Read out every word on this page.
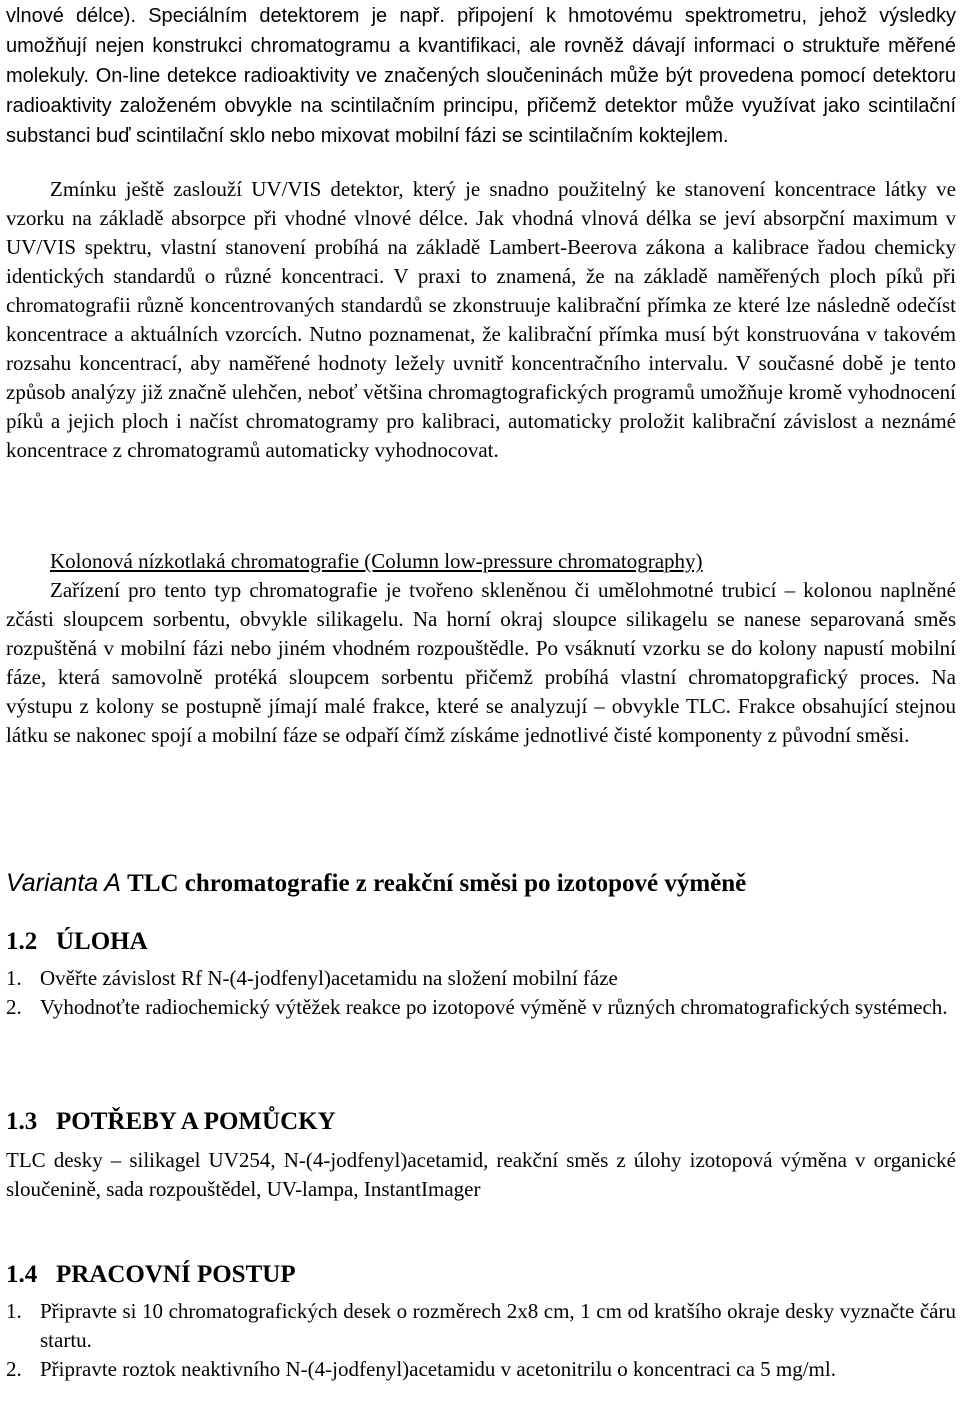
vlnové délce). Speciálním detektorem je např. připojení k hmotovému spektrometru, jehož výsledky umožňují nejen konstrukci chromatogramu a kvantifikaci, ale rovněž dávají informaci o struktuře měřené molekuly. On-line detekce radioaktivity ve značených sloučeninách může být provedena pomocí detektoru radioaktivity založeném obvykle na scintilačním principu, přičemž detektor může využívat jako scintilační substanci buď scintilační sklo nebo mixovat mobilní fázi se scintilačním koktejlem.

Zmínku ještě zaslouží UV/VIS detektor, který je snadno použitelný ke stanovení koncentrace látky ve vzorku na základě absorpce při vhodné vlnové délce. Jak vhodná vlnová délka se jeví absorpční maximum v UV/VIS spektru, vlastní stanovení probíhá na základě Lambert-Beerova zákona a kalibrace řadou chemicky identických standardů o různé koncentraci. V praxi to znamená, že na základě naměřených ploch píků při chromatografii různě koncentrovaných standardů se zkonstruuje kalibrační přímka ze které lze následně odečíst koncentrace a aktuálních vzorcích. Nutno poznamenat, že kalibrační přímka musí být konstruována v takovém rozsahu koncentrací, aby naměřené hodnoty ležely uvnitř koncentračního intervalu. V současné době je tento způsob analýzy již značně ulehčen, neboť většina chromagtografických programů umožňuje kromě vyhodnocení píků a jejich ploch i načíst chromatogramy pro kalibraci, automaticky proložit kalibrační závislost a neznámé koncentrace z chromatogramů automaticky vyhodnocovat.

Kolonová nízkotlaká chromatografie (Column low-pressure chromatography)

Zařízení pro tento typ chromatografie je tvořeno skleněnou či umělohmotné trubicí – kolonou naplněné zčásti sloupcem sorbentu, obvykle silikagelu. Na horní okraj sloupce silikagelu se nanese separovaná směs rozpuštěná v mobilní fázi nebo jiném vhodném rozpouštědle. Po vsáknutí vzorku se do kolony napustí mobilní fáze, která samovolně protéká sloupcem sorbentu přičemž probíhá vlastní chromatopgrafický proces. Na výstupu z kolony se postupně jímají malé frakce, které se analyzují – obvykle TLC. Frakce obsahující stejnou látku se nakonec spojí a mobilní fáze se odpaří čímž získáme jednotlivé čisté komponenty z původní směsi.

Varianta A TLC chromatografie z reakční směsi po izotopové výměně
1.2 ÚLOHA
1. Ověřte závislost Rf N-(4-jodfenyl)acetamidu na složení mobilní fáze
2. Vyhodnoťte radiochemický výtěžek reakce po izotopové výměně v různých chromatografických systémech.
1.3 POTŘEBY A POMŮCKY

TLC desky – silikagel UV254, N-(4-jodfenyl)acetamid, reakční směs z úlohy izotopová výměna v organické sloučenině, sada rozpouštědel, UV-lampa, InstantImager

1.4 PRACOVNÍ POSTUP
1. Připravte si 10 chromatografických desek o rozměrech 2x8 cm, 1 cm od kratšího okraje desky vyznačte čáru startu.
2. Připravte roztok neaktivního N-(4-jodfenyl)acetamidu v acetonitrilu o koncentraci ca 5 mg/ml.
